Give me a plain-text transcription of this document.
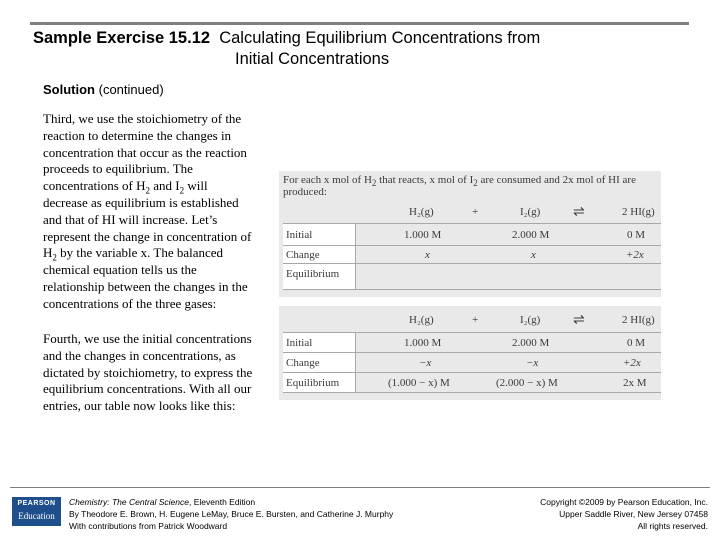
Sample Exercise 15.12 Calculating Equilibrium Concentrations from
Initial Concentrations
Solution (continued)
Third, we use the stoichiometry of the
reaction to determine the changes in
concentration that occur as the reaction
proceeds to equilibrium. The
concentrations of $H_2$ and $I_2$ will
decrease as equilibrium is established
and that of HI will increase. Let’s
represent the change in concentration of
$H_2$ by the variable x. The balanced
chemical equation tells us the
relationship between the changes in the
concentrations of the three gases:
Fourth, we use the initial concentrations
and the changes in concentrations, as
dictated by stoichiometry, to express the
equilibrium concentrations. With all our
entries, our table now looks like this:
For each x mol of $H_2$ that reacts, x mol of $I_2$ are consumed and 2x mol of HI are
produced:
H₂(g)	+	I₂(g) ⇌	2 HI(g)
Initial	1.000 M	2.000 M	0 M
Change	x	x	+2x
Equilibrium
H₂(g)	+	I₂(g) ⇌	2 HI(g)
Initial	1.000 M	2.000 M	0 M
Change	−x	−x	+2x
Equilibrium	(1.000 − x) M	(2.000 − x) M	2x M
PEARSON
Education
Chemistry: The Central Science, Eleventh Edition
By Theodore E. Brown, H. Eugene LeMay, Bruce E. Bursten, and Catherine J. Murphy
With contributions from Patrick Woodward
Copyright ©2009 by Pearson Education, Inc.
Upper Saddle River, New Jersey 07458
All rights reserved.
